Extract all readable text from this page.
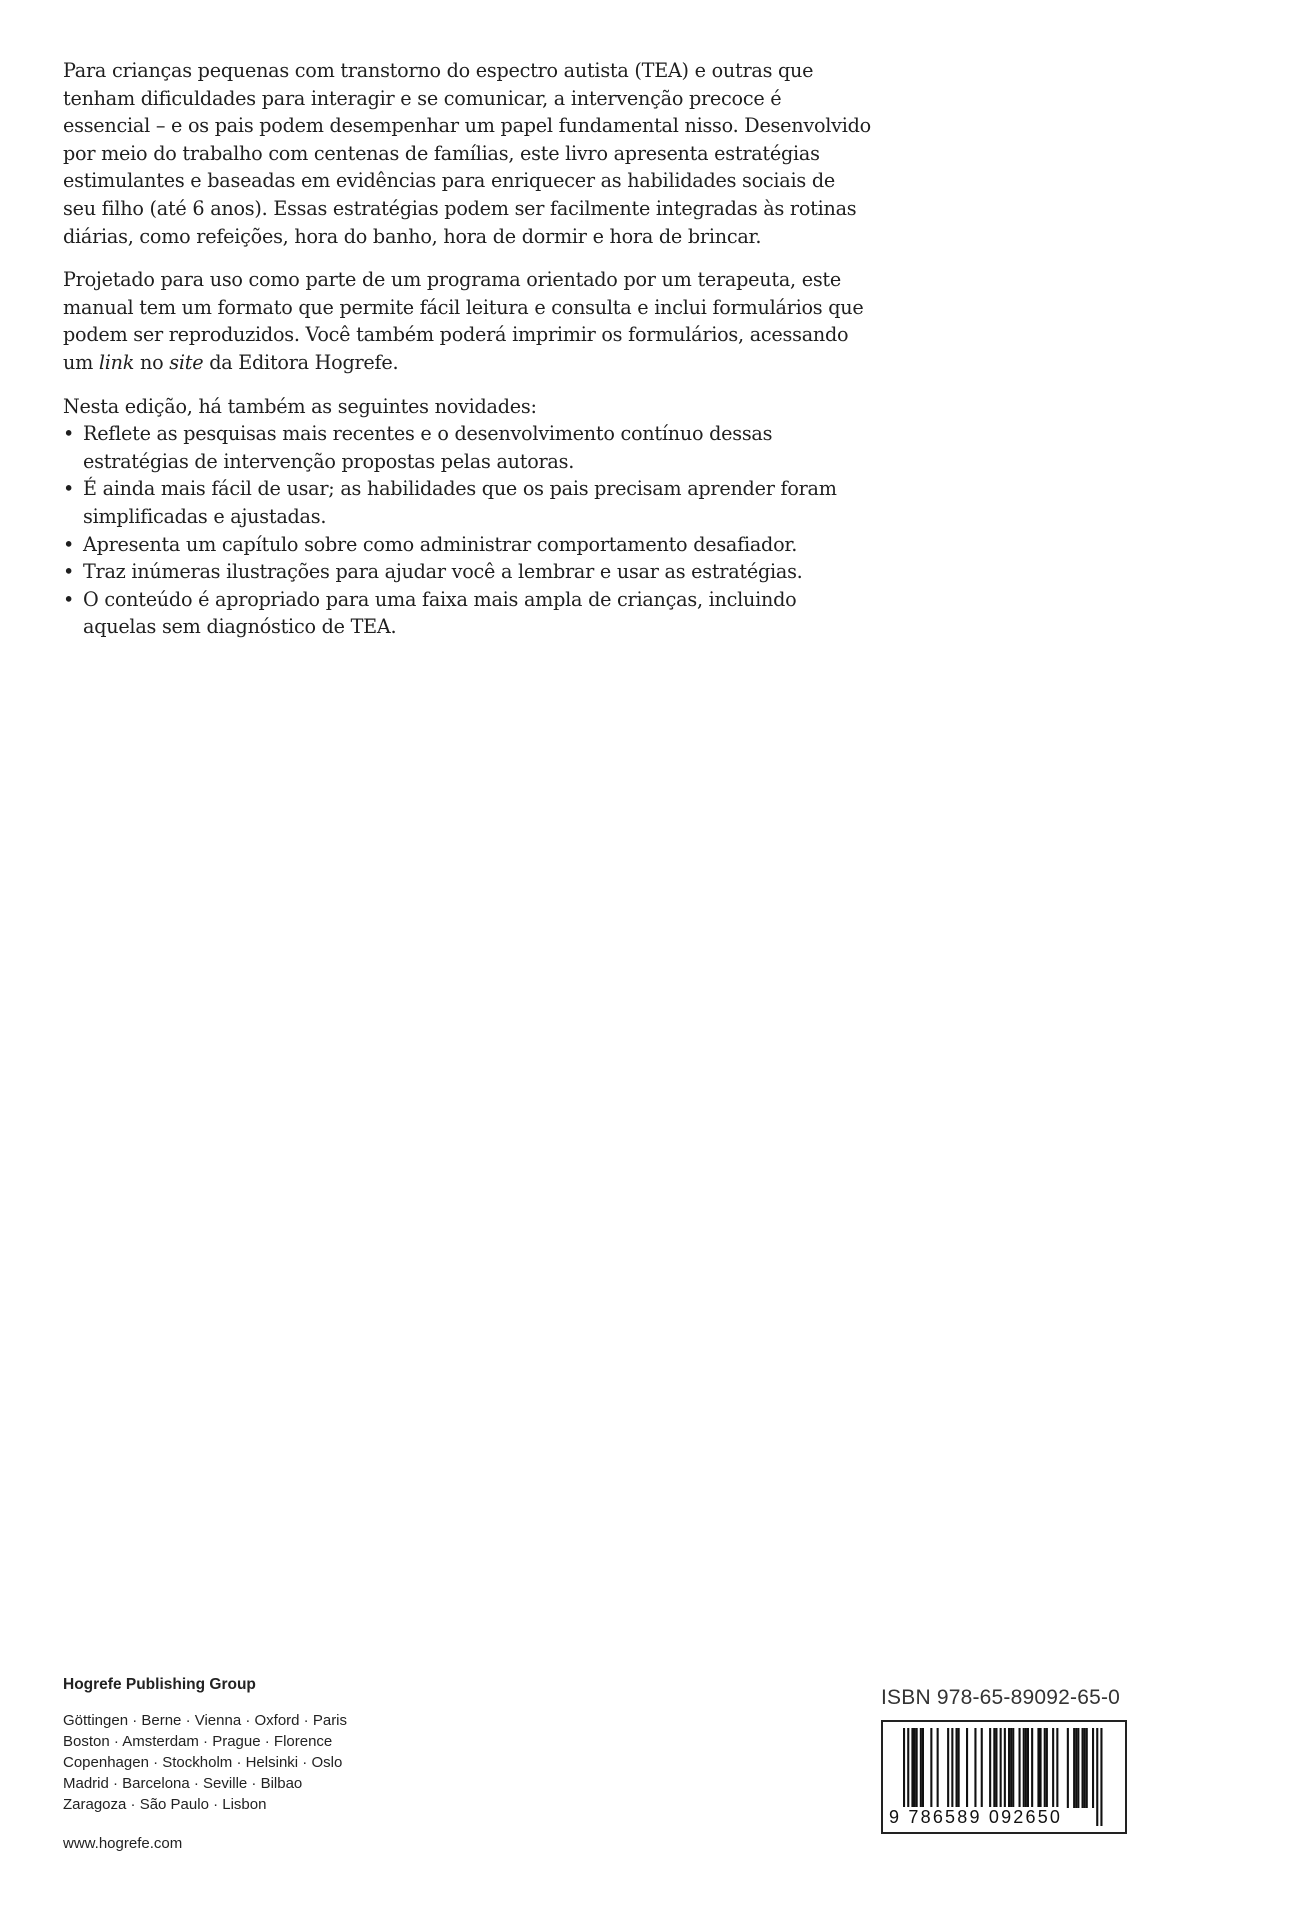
Para crianças pequenas com transtorno do espectro autista (TEA) e outras que tenham dificuldades para interagir e se comunicar, a intervenção precoce é essencial – e os pais podem desempenhar um papel fundamental nisso. Desenvolvido por meio do trabalho com centenas de famílias, este livro apresenta estratégias estimulantes e baseadas em evidências para enriquecer as habilidades sociais de seu filho (até 6 anos). Essas estratégias podem ser facilmente integradas às rotinas diárias, como refeições, hora do banho, hora de dormir e hora de brincar.

Projetado para uso como parte de um programa orientado por um terapeuta, este manual tem um formato que permite fácil leitura e consulta e inclui formulários que podem ser reproduzidos. Você também poderá imprimir os formulários, acessando um link no site da Editora Hogrefe.

Nesta edição, há também as seguintes novidades:

• Reflete as pesquisas mais recentes e o desenvolvimento contínuo dessas estratégias de intervenção propostas pelas autoras.
• É ainda mais fácil de usar; as habilidades que os pais precisam aprender foram simplificadas e ajustadas.
• Apresenta um capítulo sobre como administrar comportamento desafiador.
• Traz inúmeras ilustrações para ajudar você a lembrar e usar as estratégias.
• O conteúdo é apropriado para uma faixa mais ampla de crianças, incluindo aquelas sem diagnóstico de TEA.
Hogrefe Publishing Group
Göttingen · Berne · Vienna · Oxford · Paris
Boston · Amsterdam · Prague · Florence
Copenhagen · Stockholm · Helsinki · Oslo
Madrid · Barcelona · Seville · Bilbao
Zaragoza · São Paulo · Lisbon
www.hogrefe.com
ISBN 978-65-89092-65-0
9 786589 092650
